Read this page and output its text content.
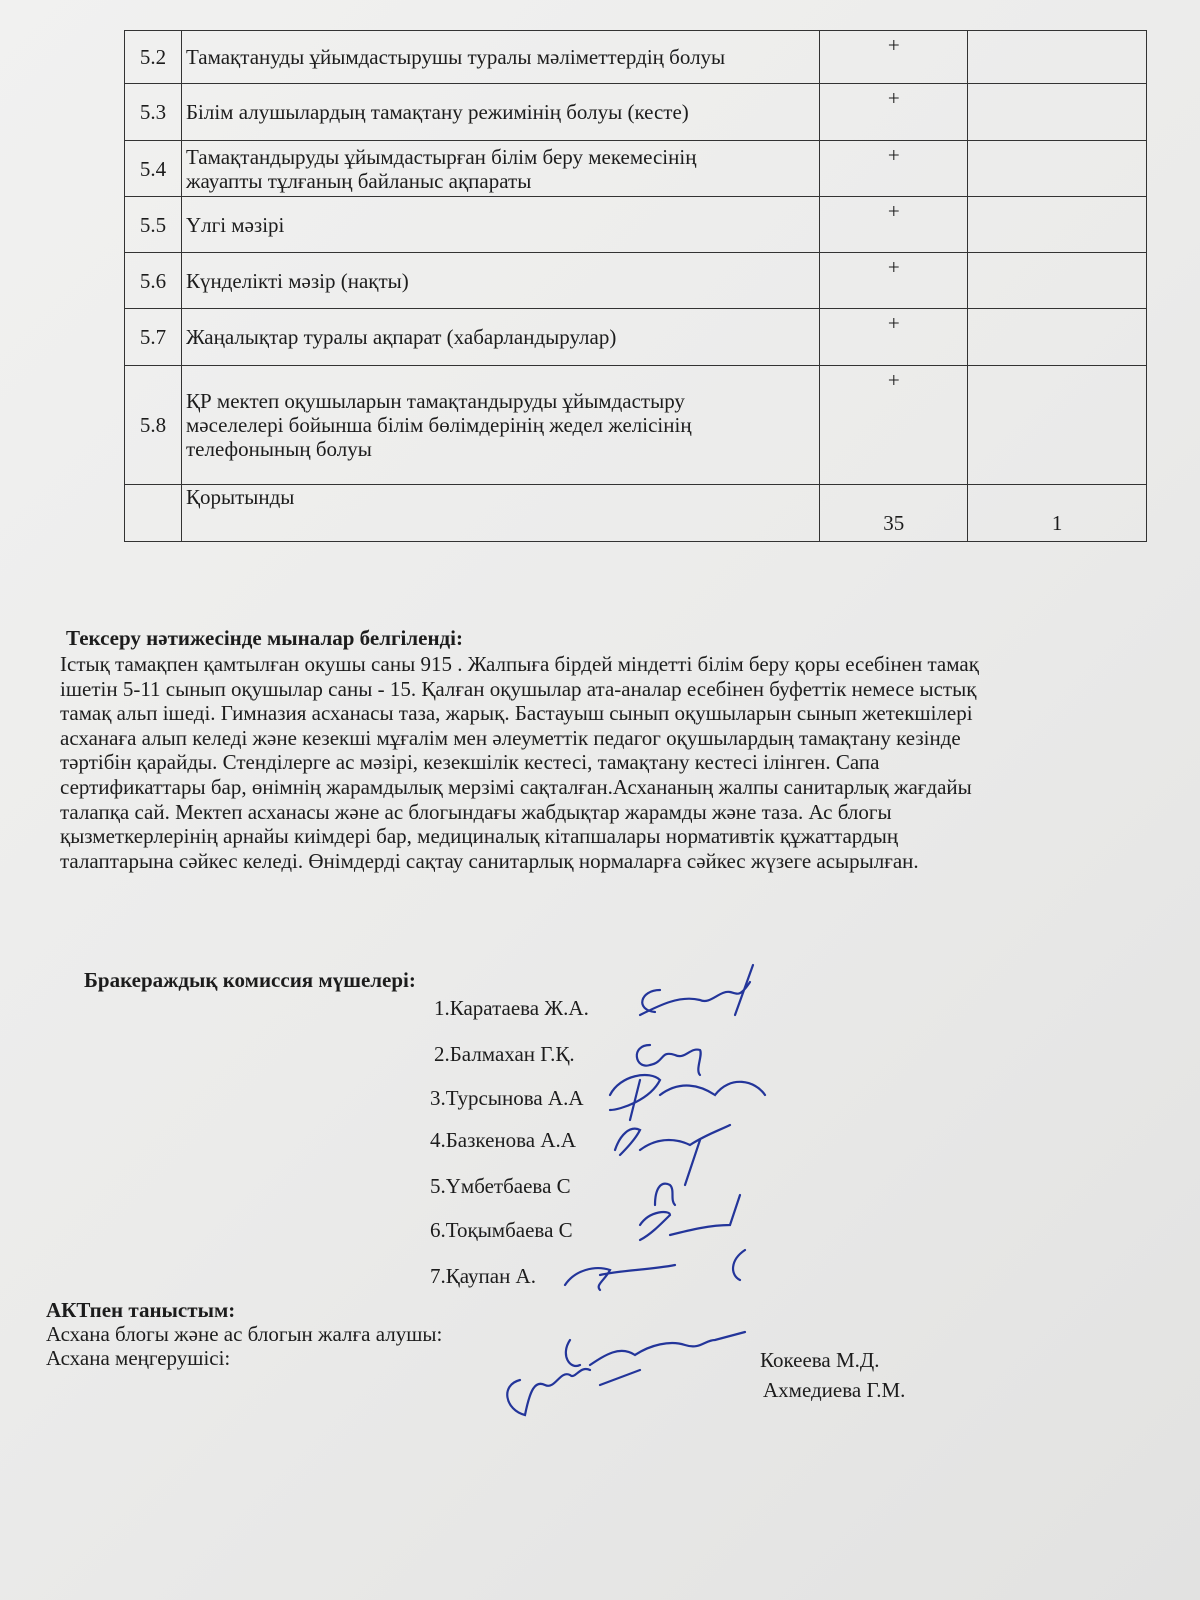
5.2	Тамақтануды ұйымдастырушы туралы мәліметтердің болуы	+	
5.3	Білім алушылардың тамақтану режимінің болуы (кесте)	+	
5.4	Тамақтандыруды ұйымдастырған білім беру мекемесінің
жауапты тұлғаның байланыс ақпараты	+	
5.5	Үлгі мәзірі	+	
5.6	Күнделікті мәзір (нақты)	+	
5.7	Жаңалықтар туралы ақпарат (хабарландырулар)	+	
5.8	ҚР мектеп оқушыларын тамақтандыруды ұйымдастыру
мәселелері бойынша білім бөлімдерінің жедел желісінің
телефонының болуы	+	
	Қорытынды	35	1
Тексеру нәтижесінде мыналар белгіленді:
Істық тамақпен қамтылған окушы саны 915 . Жалпыға бірдей міндетті білім беру қоры есебінен тамақ
ішетін 5-11 сынып оқушылар саны - 15. Қалған оқушылар ата-аналар есебінен буфеттік немесе ыстық
тамақ альп ішеді. Гимназия асханасы таза, жарық. Бастауыш сынып оқушыларын сынып жетекшілері
асханаға алып келеді және кезекші мұғалім мен әлеуметтік педагог оқушылардың тамақтану кезінде
тәртібін қарайды. Стенділерге ас мәзірі, кезекшілік кестесі, тамақтану кестесі ілінген. Сапа
сертификаттары бар, өнімнің жарамдылық мерзімі сақталған.Асхананың жалпы санитарлық жағдайы
талапқа сай. Мектеп асханасы және ас блогындағы жабдықтар жарамды және таза. Ас блогы
қызметкерлерінің арнайы киімдері бар, медициналық кітапшалары нормативтік құжаттардың
талаптарына сәйкес келеді. Өнімдерді сақтау санитарлық нормаларға сәйкес жүзеге асырылған.
Бракераждық комиссия мүшелері:
1.Каратаева Ж.А.
2.Балмахан Г.Қ.
3.Турсынова А.А
4.Базкенова А.А
5.Үмбетбаева С
6.Тоқымбаева С
7.Қаупан А.
АКТпен таныстым:
Асхана блогы және ас блогын жалға алушы:
Кокеева М.Д.
Асхана меңгерушісі:
Ахмедиева Г.М.
